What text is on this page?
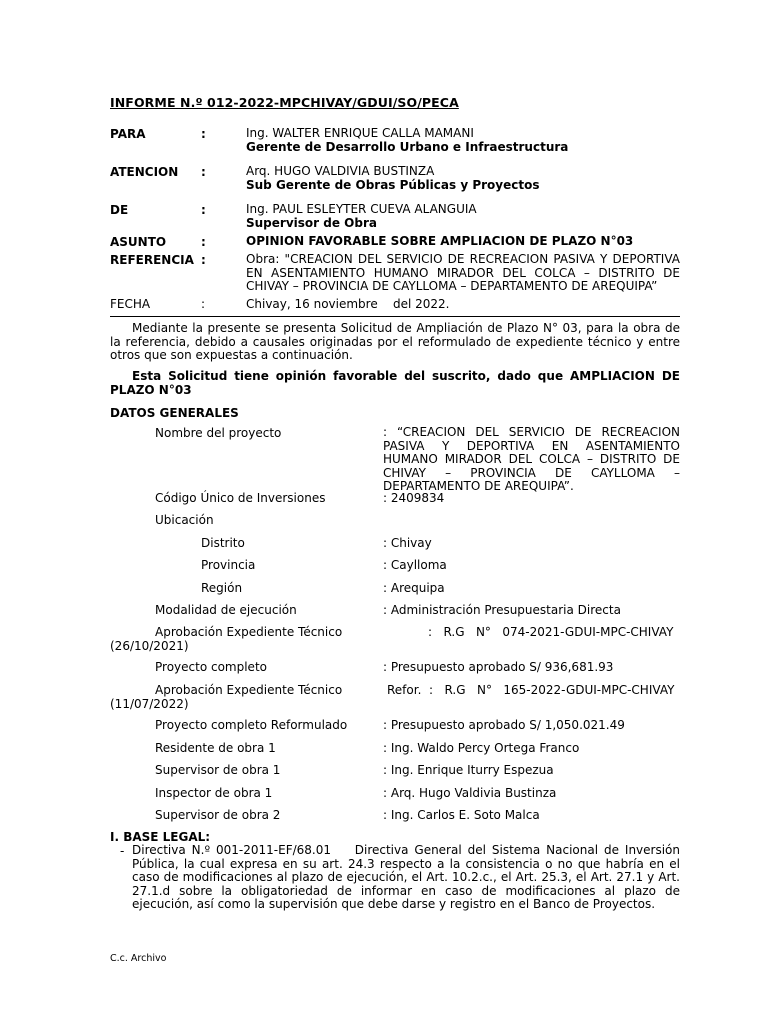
INFORME N.º 012-2022-MPCHIVAY/GDUI/SO/PECA
PARA	:	Ing. WALTER ENRIQUE CALLA MAMANI
Gerente de Desarrollo Urbano e Infraestructura
ATENCION :	Arq. HUGO VALDIVIA BUSTINZA
Sub Gerente de Obras Públicas y Proyectos
DE	:	Ing. PAUL ESLEYTER CUEVA ALANGUIA
Supervisor de Obra
ASUNTO	:	OPINION FAVORABLE SOBRE AMPLIACION DE PLAZO N°03
REFERENCIA :	Obra: "CREACION DEL SERVICIO DE RECREACION PASIVA Y DEPORTIVA EN ASENTAMIENTO HUMANO MIRADOR DEL COLCA – DISTRITO DE CHIVAY – PROVINCIA DE CAYLLOMA – DEPARTAMENTO DE AREQUIPA”
FECHA	:	Chivay, 16 noviembre    del 2022.
Mediante la presente se presenta Solicitud de Ampliación de Plazo N° 03, para la obra de la referencia, debido a causales originadas por el reformulado de expediente técnico y entre otros que son expuestas a continuación.
Esta Solicitud tiene opinión favorable del suscrito, dado que AMPLIACION DE PLAZO N°03
DATOS GENERALES
Nombre del proyecto	: “CREACION DEL SERVICIO DE RECREACION PASIVA Y DEPORTIVA EN ASENTAMIENTO HUMANO MIRADOR DEL COLCA – DISTRITO DE CHIVAY – PROVINCIA DE CAYLLOMA – DEPARTAMENTO DE AREQUIPA”.
Código Único de Inversiones	: 2409834
Ubicación
Distrito	: Chivay
Provincia	: Caylloma
Región	: Arequipa
Modalidad de ejecución	: Administración Presupuestaria Directa
Aprobación Expediente Técnico	:   R.G   N°   074-2021-GDUI-MPC-CHIVAY
(26/10/2021)
Proyecto completo	: Presupuesto aprobado S/ 936,681.93
Aprobación Expediente Técnico	Refor.  :   R.G   N°   165-2022-GDUI-MPC-CHIVAY
(11/07/2022)
Proyecto completo Reformulado	: Presupuesto aprobado S/ 1,050.021.49
Residente de obra 1	: Ing. Waldo Percy Ortega Franco
Supervisor de obra 1	: Ing. Enrique Iturry Espezua
Inspector de obra 1	: Arq. Hugo Valdivia Bustinza
Supervisor de obra 2	: Ing. Carlos E. Soto Malca
I. BASE LEGAL:
- Directiva N.º 001-2011-EF/68.01    Directiva General del Sistema Nacional de Inversión Pública, la cual expresa en su art. 24.3 respecto a la consistencia o no que habría en el caso de modificaciones al plazo de ejecución, el Art. 10.2.c., el Art. 25.3, el Art. 27.1 y Art. 27.1.d sobre la obligatoriedad de informar en caso de modificaciones al plazo de ejecución, así como la supervisión que debe darse y registro en el Banco de Proyectos.
C.c. Archivo
